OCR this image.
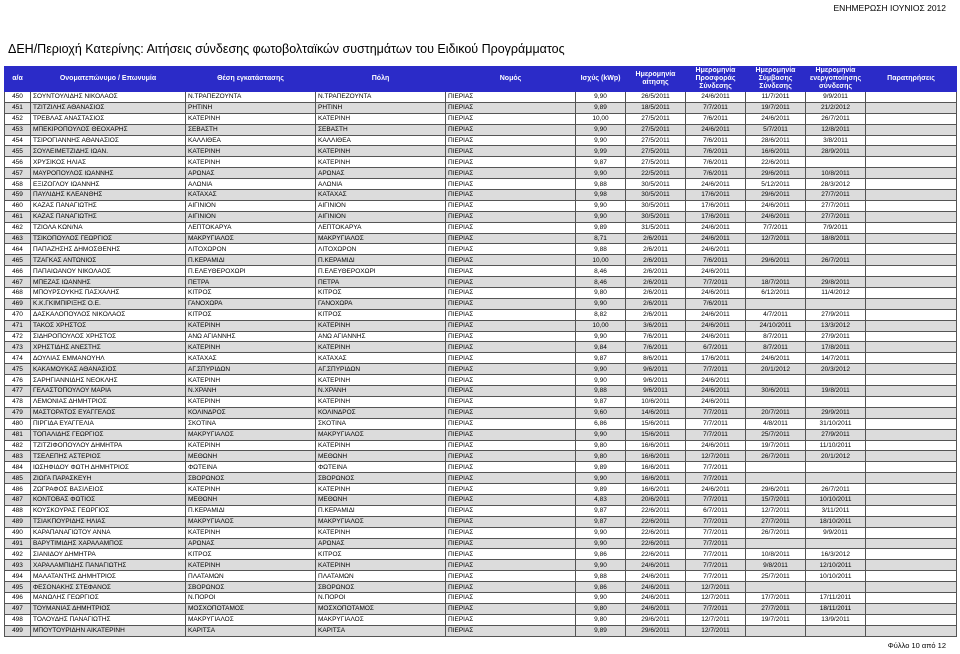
ΕΝΗΜΕΡΩΣΗ ΙΟΥΝΙΟΣ 2012
ΔΕΗ/Περιοχή Κατερίνης: Αιτήσεις σύνδεσης φωτοβολταϊκών συστημάτων του Ειδικού Προγράμματος
α/α	Ονοματεπώνυμο / Επωνυμία	Θέση εγκατάστασης	Πόλη	Νομός	Ισχύς (kWp)	Ημερομηνία αίτησης	Ημερομηνία Προσφοράς Σύνδεσης	Ημερομηνία Σύμβασης Σύνδεσης	Ημερομηνία ενεργοποίησης σύνδεσης	Παρατηρήσεις
450	ΣΟΥΝΤΟΥΛΙΔΗΣ ΝΙΚΟΛΑΟΣ	Ν.ΤΡΑΠΕΖΟΥΝΤΑ	Ν.ΤΡΑΠΕΖΟΥΝΤΑ	ΠΙΕΡΙΑΣ	9,90	26/5/2011	24/6/2011	11/7/2011	9/9/2011	
451	ΤΖΙΤΖΙΛΗΣ ΑΘΑΝΑΣΙΟΣ	ΡΗΤΙΝΗ	ΡΗΤΙΝΗ	ΠΙΕΡΙΑΣ	9,89	18/5/2011	7/7/2011	19/7/2011	21/2/2012	
452	ΤΡΕΒΛΑΣ ΑΝΑΣΤΑΣΙΟΣ	ΚΑΤΕΡΙΝΗ	ΚΑΤΕΡΙΝΗ	ΠΙΕΡΙΑΣ	10,00	27/5/2011	7/6/2011	24/6/2011	26/7/2011	
453	ΜΠΕΚΙΡΟΠΟΥΛΟΣ ΘΕΟΧΑΡΗΣ	ΣΕΒΑΣΤΗ	ΣΕΒΑΣΤΗ	ΠΙΕΡΙΑΣ	9,90	27/5/2011	24/6/2011	5/7/2011	12/8/2011	
454	ΤΣΙΡΟΓΙΑΝΝΗΣ ΑΘΑΝΑΣΙΟΣ	ΚΑΛΛΙΘΕΑ	ΚΑΛΛΙΘΕΑ	ΠΙΕΡΙΑΣ	9,90	27/5/2011	7/6/2011	28/6/2011	3/8/2011	
455	ΣΟΥΛΕΙΜΕΤΖΙΔΗΣ ΙΩΑΝ.	ΚΑΤΕΡΙΝΗ	ΚΑΤΕΡΙΝΗ	ΠΙΕΡΙΑΣ	9,99	27/5/2011	7/6/2011	16/6/2011	28/9/2011	
456	ΧΡΥΣΙΚΟΣ ΗΛΙΑΣ	ΚΑΤΕΡΙΝΗ	ΚΑΤΕΡΙΝΗ	ΠΙΕΡΙΑΣ	9,87	27/5/2011	7/6/2011	22/6/2011		
457	ΜΑΥΡΟΠΟΥΛΟΣ ΙΩΑΝΝΗΣ	ΑΡΩΝΑΣ	ΑΡΩΝΑΣ	ΠΙΕΡΙΑΣ	9,90	22/5/2011	7/6/2011	29/6/2011	10/8/2011	
458	ΕΞΙΖΟΓΛΟΥ ΙΩΑΝΝΗΣ	ΑΛΩΝΙΑ	ΑΛΩΝΙΑ	ΠΙΕΡΙΑΣ	9,88	30/5/2011	24/6/2011	5/12/2011	28/3/2012	
459	ΠΑΥΛΙΔΗΣ ΚΛΕΑΝΘΗΣ	ΚΑΤΑΧΑΣ	ΚΑΤΑΧΑΣ	ΠΙΕΡΙΑΣ	9,98	30/5/2011	17/6/2011	29/6/2011	27/7/2011	
460	ΚΑΖΑΣ ΠΑΝΑΓΙΩΤΗΣ	ΑΙΓΙΝΙΟΝ	ΑΙΓΙΝΙΟΝ	ΠΙΕΡΙΑΣ	9,90	30/5/2011	17/6/2011	24/6/2011	27/7/2011	
461	ΚΑΖΑΣ ΠΑΝΑΓΙΩΤΗΣ	ΑΙΓΙΝΙΟΝ	ΑΙΓΙΝΙΟΝ	ΠΙΕΡΙΑΣ	9,90	30/5/2011	17/6/2011	24/6/2011	27/7/2011	
462	ΤΖΙΟΛΑ ΚΩΝ/ΝΑ	ΛΕΠΤΟΚΑΡΥΑ	ΛΕΠΤΟΚΑΡΥΑ	ΠΙΕΡΙΑΣ	9,89	31/5/2011	24/6/2011	7/7/2011	7/9/2011	
463	ΤΣΙΚΟΠΟΥΛΟΣ ΓΕΩΡΓΙΟΣ	ΜΑΚΡΥΓΙΑΛΟΣ	ΜΑΚΡΥΓΙΑΛΟΣ	ΠΙΕΡΙΑΣ	8,71	2/6/2011	24/6/2011	12/7/2011	18/8/2011	
464	ΠΑΠΑΖΗΣΗΣ ΔΗΜΟΣΘΕΝΗΣ	ΛΙΤΟΧΩΡΟΝ	ΛΙΤΟΧΩΡΟΝ	ΠΙΕΡΙΑΣ	9,88	2/6/2011	24/6/2011			
465	ΤΖΑΓΚΑΣ ΑΝΤΩΝΙΟΣ	Π.ΚΕΡΑΜΙΔΙ	Π.ΚΕΡΑΜΙΔΙ	ΠΙΕΡΙΑΣ	10,00	2/6/2011	7/6/2011	29/6/2011	26/7/2011	
466	ΠΑΠΑΙΩΑΝΟΥ ΝΙΚΟΛΑΟΣ	Π.ΕΛΕΥΘΕΡΟΧΩΡΙ	Π.ΕΛΕΥΘΕΡΟΧΩΡΙ	ΠΙΕΡΙΑΣ	8,46	2/6/2011	24/6/2011			
467	ΜΠΕΖΑΣ ΙΩΑΝΝΗΣ	ΠΕΤΡΑ	ΠΕΤΡΑ	ΠΙΕΡΙΑΣ	8,46	2/6/2011	7/7/2011	18/7/2011	29/8/2011	
468	ΜΠΟΥΡΣΟΥΚΗΣ ΠΑΣΧΑΛΗΣ	ΚΙΤΡΟΣ	ΚΙΤΡΟΣ	ΠΙΕΡΙΑΣ	9,80	2/6/2011	24/6/2011	6/12/2011	11/4/2012	
469	Κ.Κ.ΓΚΙΜΠΙΡΙΞΗΣ Ο.Ε.	ΓΑΝΟΧΩΡΑ	ΓΑΝΟΧΩΡΑ	ΠΙΕΡΙΑΣ	9,90	2/6/2011	7/6/2011			
470	ΔΑΣΚΑΛΟΠΟΥΛΟΣ ΝΙΚΟΛΑΟΣ	ΚΙΤΡΟΣ	ΚΙΤΡΟΣ	ΠΙΕΡΙΑΣ	8,82	2/6/2011	24/6/2011	4/7/2011	27/9/2011	
471	ΤΑΚΟΣ ΧΡΗΣΤΟΣ	ΚΑΤΕΡΙΝΗ	ΚΑΤΕΡΙΝΗ	ΠΙΕΡΙΑΣ	10,00	3/6/2011	24/6/2011	24/10/2011	13/3/2012	
472	ΣΙΔΗΡΟΠΟΥΛΟΣ ΧΡΗΣΤΟΣ	ΑΝΩ ΑΓΙΑΝΝΗΣ	ΑΝΩ ΑΓΙΑΝΝΗΣ	ΠΙΕΡΙΑΣ	9,90	7/6/2011	24/6/2011	8/7/2011	27/9/2011	
473	ΧΡΗΣΤΙΔΗΣ ΑΝΕΣΤΗΣ	ΚΑΤΕΡΙΝΗ	ΚΑΤΕΡΙΝΗ	ΠΙΕΡΙΑΣ	9,84	7/6/2011	6/7/2011	8/7/2011	17/8/2011	
474	ΔΟΥΛΙΑΣ ΕΜΜΑΝΟΥΗΛ	ΚΑΤΑΧΑΣ	ΚΑΤΑΧΑΣ	ΠΙΕΡΙΑΣ	9,87	8/6/2011	17/6/2011	24/6/2011	14/7/2011	
475	ΚΑΚΑΜΟΥΚΑΣ ΑΘΑΝΑΣΙΟΣ	ΑΓ.ΣΠΥΡΙΔΩΝ	ΑΓ.ΣΠΥΡΙΔΩΝ	ΠΙΕΡΙΑΣ	9,90	9/6/2011	7/7/2011	20/1/2012	20/3/2012	
476	ΣΑΡΗΓΙΑΝΝΙΔΗΣ ΝΕΟΚΛΗΣ	ΚΑΤΕΡΙΝΗ	ΚΑΤΕΡΙΝΗ	ΠΙΕΡΙΑΣ	9,90	9/6/2011	24/6/2011			
477	ΓΕΛΑΣΤΟΠΟΥΛΟΥ ΜΑΡΙΑ	Ν.ΧΡΑΝΗ	Ν.ΧΡΑΝΗ	ΠΙΕΡΙΑΣ	9,88	9/6/2011	24/6/2011	30/6/2011	19/8/2011	
478	ΛΕΜΟΝΙΑΣ ΔΗΜΗΤΡΙΟΣ	ΚΑΤΕΡΙΝΗ	ΚΑΤΕΡΙΝΗ	ΠΙΕΡΙΑΣ	9,87	10/6/2011	24/6/2011			
479	ΜΑΣΤΟΡΑΤΟΣ ΕΥΑΓΓΕΛΟΣ	ΚΟΛΙΝΔΡΟΣ	ΚΟΛΙΝΔΡΟΣ	ΠΙΕΡΙΑΣ	9,60	14/6/2011	7/7/2011	20/7/2011	29/9/2011	
480	ΠΙΡΓΙΔΑ ΕΥΑΓΓΕΛΙΑ	ΣΚΟΤΙΝΑ	ΣΚΟΤΙΝΑ	ΠΙΕΡΙΑΣ	6,86	15/6/2011	7/7/2011	4/8/2011	31/10/2011	
481	ΤΟΠΑΛΙΔΗΣ ΓΕΩΡΓΙΟΣ	ΜΑΚΡΥΓΙΑΛΟΣ	ΜΑΚΡΥΓΙΑΛΟΣ	ΠΙΕΡΙΑΣ	9,90	15/6/2011	7/7/2011	25/7/2011	27/9/2011	
482	ΤΖΙΤΖΙΦΟΠΟΥΛΟΥ ΔΗΜΗΤΡΑ	ΚΑΤΕΡΙΝΗ	ΚΑΤΕΡΙΝΗ	ΠΙΕΡΙΑΣ	9,80	16/6/2011	24/6/2011	19/7/2011	11/10/2011	
483	ΤΣΕΛΕΠΗΣ ΑΣΤΕΡΙΟΣ	ΜΕΘΩΝΗ	ΜΕΘΩΝΗ	ΠΙΕΡΙΑΣ	9,80	16/6/2011	12/7/2011	26/7/2011	20/1/2012	
484	ΙΩΣΗΦΙΔΟΥ ΦΩΤΗ ΔΗΜΗΤΡΙΟΣ	ΦΩΤΕΙΝΑ	ΦΩΤΕΙΝΑ	ΠΙΕΡΙΑΣ	9,89	16/6/2011	7/7/2011			
485	ΖΙΩΓΑ ΠΑΡΑΣΚΕΥΗ	ΣΒΟΡΩΝΟΣ	ΣΒΟΡΩΝΟΣ	ΠΙΕΡΙΑΣ	9,90	16/6/2011	7/7/2011			
486	ΖΩΓΡΑΦΟΣ ΒΑΣΙΛΕΙΟΣ	ΚΑΤΕΡΙΝΗ	ΚΑΤΕΡΙΝΗ	ΠΙΕΡΙΑΣ	9,89	16/6/2011	24/6/2011	29/6/2011	26/7/2011	
487	ΚΟΝΤΟΒΑΣ ΦΩΤΙΟΣ	ΜΕΘΩΝΗ	ΜΕΘΩΝΗ	ΠΙΕΡΙΑΣ	4,83	20/6/2011	7/7/2011	15/7/2011	10/10/2011	
488	ΚΟΥΣΚΟΥΡΑΣ ΓΕΩΡΓΙΟΣ	Π.ΚΕΡΑΜΙΔΙ	Π.ΚΕΡΑΜΙΔΙ	ΠΙΕΡΙΑΣ	9,87	22/6/2011	6/7/2011	12/7/2011	3/11/2011	
489	ΤΣΙΑΚΠΟΥΡΙΔΗΣ ΗΛΙΑΣ	ΜΑΚΡΥΓΙΑΛΟΣ	ΜΑΚΡΥΓΙΑΛΟΣ	ΠΙΕΡΙΑΣ	9,87	22/6/2011	7/7/2011	27/7/2011	18/10/2011	
490	ΚΑΡΑΠΑΝΑΓΙΩΤΟΥ ΑΝΝΑ	ΚΑΤΕΡΙΝΗ	ΚΑΤΕΡΙΝΗ	ΠΙΕΡΙΑΣ	9,90	22/6/2011	7/7/2011	26/7/2011	9/9/2011	
491	ΒΑΡΥΤΙΜΙΔΗΣ ΧΑΡΑΛΑΜΠΟΣ	ΑΡΩΝΑΣ	ΑΡΩΝΑΣ	ΠΙΕΡΙΑΣ	9,90	22/6/2011	7/7/2011			
492	ΣΙΑΝΙΔΟΥ ΔΗΜΗΤΡΑ	ΚΙΤΡΟΣ	ΚΙΤΡΟΣ	ΠΙΕΡΙΑΣ	9,86	22/6/2011	7/7/2011	10/8/2011	16/3/2012	
493	ΧΑΡΑΛΑΜΠΙΔΗΣ ΠΑΝΑΓΙΩΤΗΣ	ΚΑΤΕΡΙΝΗ	ΚΑΤΕΡΙΝΗ	ΠΙΕΡΙΑΣ	9,90	24/6/2011	7/7/2011	9/8/2011	12/10/2011	
494	ΜΑΛΑΤΑΝΤΗΣ ΔΗΜΗΤΡΙΟΣ	ΠΛΑΤΑΜΩΝ	ΠΛΑΤΑΜΩΝ	ΠΙΕΡΙΑΣ	9,88	24/6/2011	7/7/2011	25/7/2011	10/10/2011	
495	ΦΕΣΟΝΑΚΗΣ ΣΤΕΦΑΝΟΣ	ΣΒΟΡΩΝΟΣ	ΣΒΟΡΩΝΟΣ	ΠΙΕΡΙΑΣ	9,86	24/6/2011	12/7/2011			
496	ΜΑΝΩΛΗΣ ΓΕΩΡΓΙΟΣ	Ν.ΠΟΡΟΙ	Ν.ΠΟΡΟΙ	ΠΙΕΡΙΑΣ	9,90	24/6/2011	12/7/2011	17/7/2011	17/11/2011	
497	ΤΟΥΜΑΝΙΑΣ ΔΗΜΗΤΡΙΟΣ	ΜΟΣΧΟΠΟΤΑΜΟΣ	ΜΟΣΧΟΠΟΤΑΜΟΣ	ΠΙΕΡΙΑΣ	9,80	24/6/2011	7/7/2011	27/7/2011	18/11/2011	
498	ΤΟΛΟΥΔΗΣ ΠΑΝΑΓΙΩΤΗΣ	ΜΑΚΡΥΓΙΑΛΟΣ	ΜΑΚΡΥΓΙΑΛΟΣ	ΠΙΕΡΙΑΣ	9,80	29/6/2011	12/7/2011	19/7/2011	13/9/2011	
499	ΜΠΟΥΤΟΥΡΙΔΗΝ ΑΙΚΑΤΕΡΙΝΗ	ΚΑΡΙΤΣΑ	ΚΑΡΙΤΣΑ	ΠΙΕΡΙΑΣ	9,89	29/6/2011	12/7/2011			
Φύλλο 10 από 12
